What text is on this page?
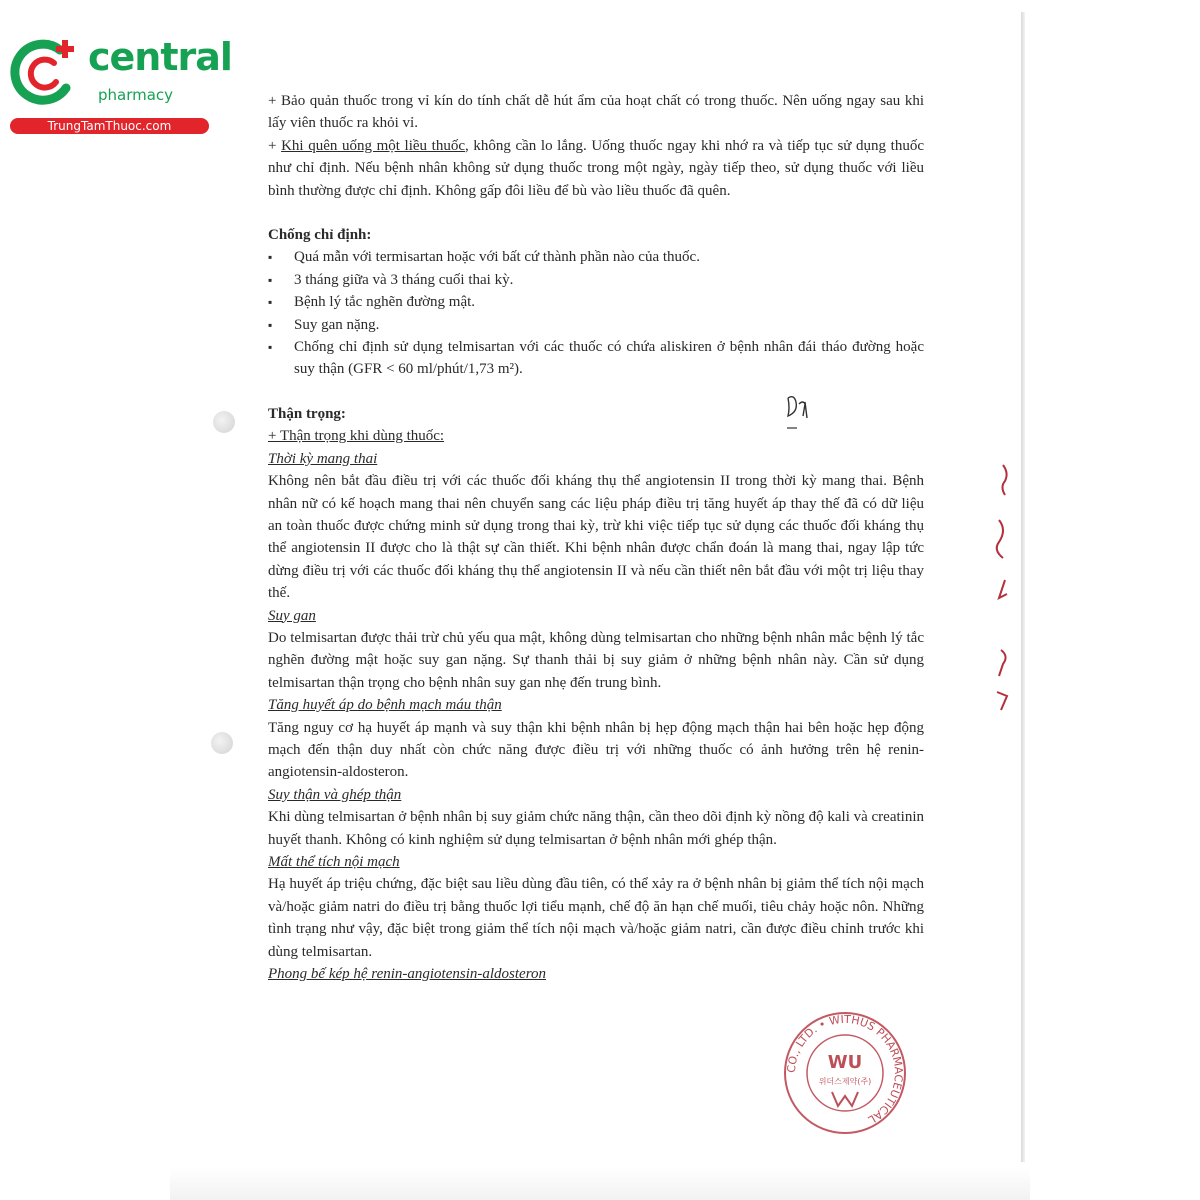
central
pharmacy
TrungTamThuoc.com

+ Bảo quản thuốc trong vỉ kín do tính chất dễ hút ẩm của hoạt chất có trong thuốc. Nên uống ngay sau khi lấy viên thuốc ra khỏi vỉ.

+ Khi quên uống một liều thuốc, không cần lo lắng. Uống thuốc ngay khi nhớ ra và tiếp tục sử dụng thuốc như chỉ định. Nếu bệnh nhân không sử dụng thuốc trong một ngày, ngày tiếp theo, sử dụng thuốc với liều bình thường được chỉ định. Không gấp đôi liều để bù vào liều thuốc đã quên.

Chống chỉ định:

▪ Quá mẫn với termisartan hoặc với bất cứ thành phần nào của thuốc.
▪ 3 tháng giữa và 3 tháng cuối thai kỳ.
▪ Bệnh lý tắc nghẽn đường mật.
▪ Suy gan nặng.
▪ Chống chỉ định sử dụng telmisartan với các thuốc có chứa aliskiren ở bệnh nhân đái tháo đường hoặc suy thận (GFR < 60 ml/phút/1,73 m²).

Thận trọng:

+ Thận trọng khi dùng thuốc:

Thời kỳ mang thai

Không nên bắt đầu điều trị với các thuốc đối kháng thụ thể angiotensin II trong thời kỳ mang thai. Bệnh nhân nữ có kế hoạch mang thai nên chuyển sang các liệu pháp điều trị tăng huyết áp thay thế đã có dữ liệu an toàn thuốc được chứng minh sử dụng trong thai kỳ, trừ khi việc tiếp tục sử dụng các thuốc đối kháng thụ thể angiotensin II được cho là thật sự cần thiết. Khi bệnh nhân được chẩn đoán là mang thai, ngay lập tức dừng điều trị với các thuốc đối kháng thụ thể angiotensin II và nếu cần thiết nên bắt đầu với một trị liệu thay thế.

Suy gan

Do telmisartan được thải trừ chủ yếu qua mật, không dùng telmisartan cho những bệnh nhân mắc bệnh lý tắc nghẽn đường mật hoặc suy gan nặng. Sự thanh thải bị suy giảm ở những bệnh nhân này. Cần sử dụng telmisartan thận trọng cho bệnh nhân suy gan nhẹ đến trung bình.

Tăng huyết áp do bệnh mạch máu thận

Tăng nguy cơ hạ huyết áp mạnh và suy thận khi bệnh nhân bị hẹp động mạch thận hai bên hoặc hẹp động mạch đến thận duy nhất còn chức năng được điều trị với những thuốc có ảnh hưởng trên hệ renin-angiotensin-aldosteron.

Suy thận và ghép thận

Khi dùng telmisartan ở bệnh nhân bị suy giảm chức năng thận, cần theo dõi định kỳ nồng độ kali và creatinin huyết thanh. Không có kinh nghiệm sử dụng telmisartan ở bệnh nhân mới ghép thận.

Mất thể tích nội mạch

Hạ huyết áp triệu chứng, đặc biệt sau liều dùng đầu tiên, có thể xảy ra ở bệnh nhân bị giảm thể tích nội mạch và/hoặc giảm natri do điều trị bằng thuốc lợi tiểu mạnh, chế độ ăn hạn chế muối, tiêu chảy hoặc nôn. Những tình trạng như vậy, đặc biệt trong giảm thể tích nội mạch và/hoặc giảm natri, cần được điều chỉnh trước khi dùng telmisartan.

Phong bế kép hệ renin-angiotensin-aldosteron

CO., LTD. • WITHUS PHARMACEUTICAL
WU
위더스제약(주)
